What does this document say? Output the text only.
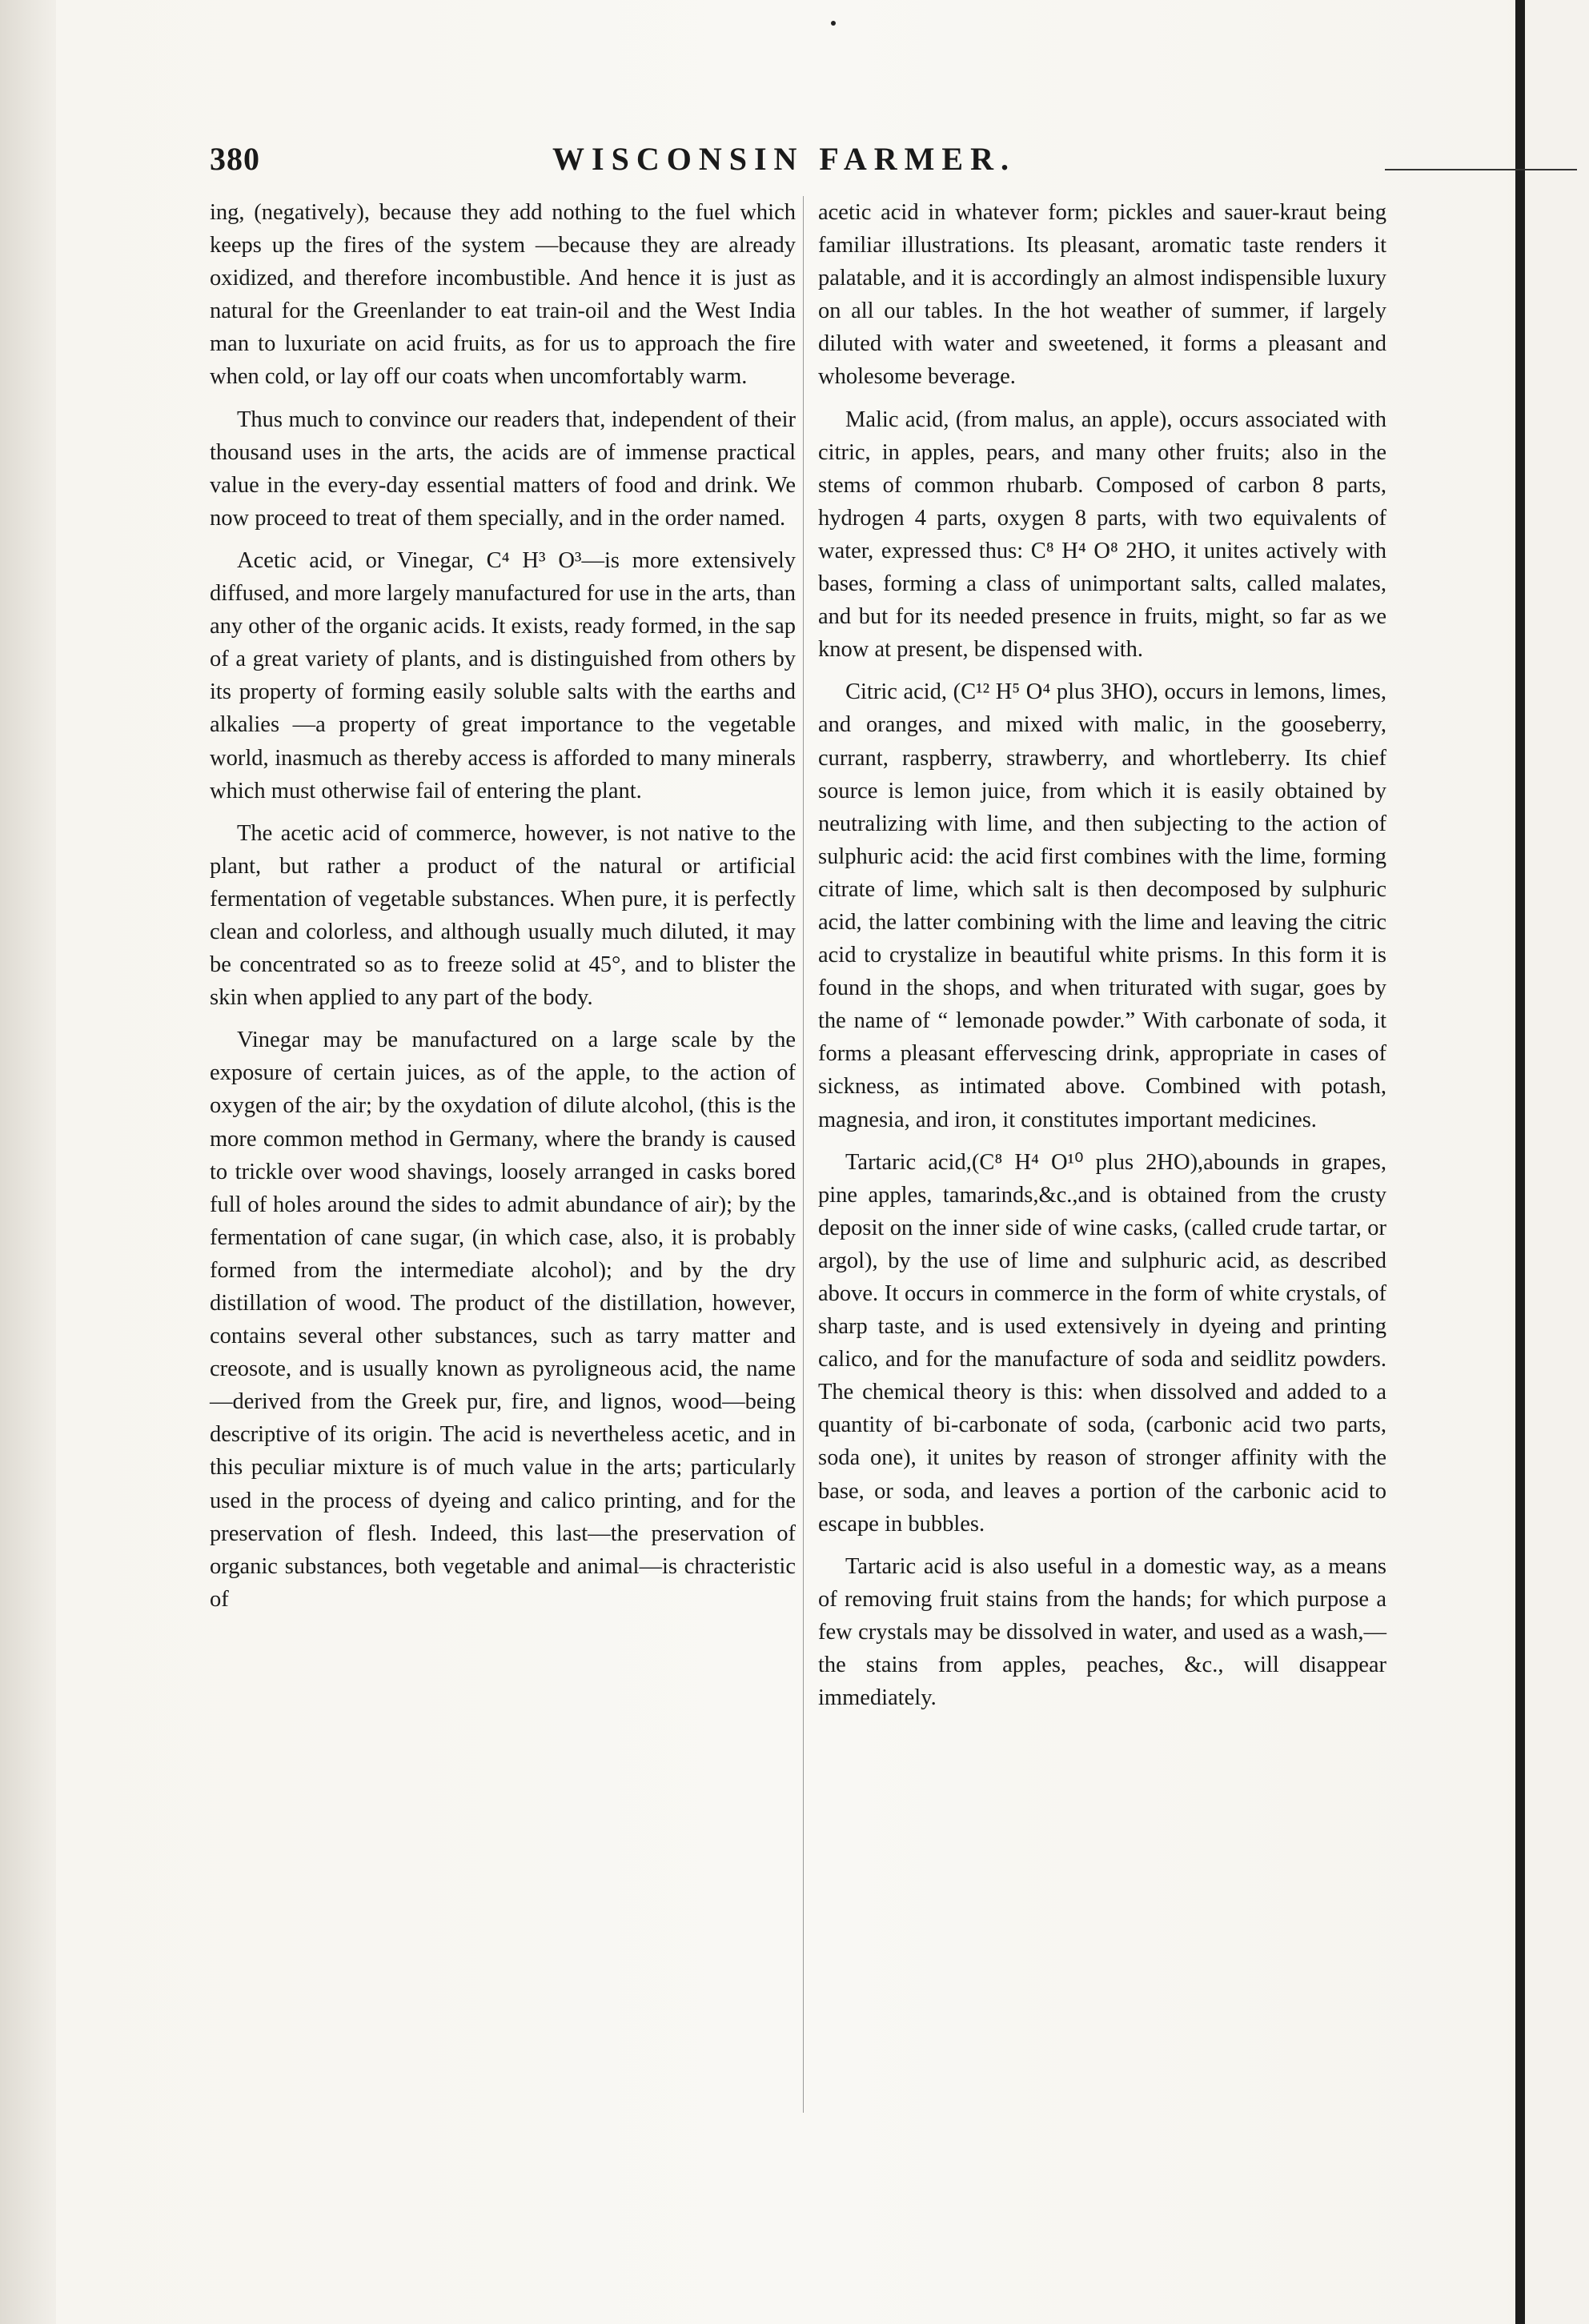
380	WISCONSIN FARMER.

ing, (negatively), because they add nothing to the fuel which keeps up the fires of the system —because they are already oxidized, and therefore incombustible. And hence it is just as natural for the Greenlander to eat train-oil and the West India man to luxuriate on acid fruits, as for us to approach the fire when cold, or lay off our coats when uncomfortably warm.

Thus much to convince our readers that, independent of their thousand uses in the arts, the acids are of immense practical value in the every-day essential matters of food and drink. We now proceed to treat of them specially, and in the order named.

Acetic acid, or Vinegar, C⁴ H³ O³—is more extensively diffused, and more largely manufactured for use in the arts, than any other of the organic acids. It exists, ready formed, in the sap of a great variety of plants, and is distinguished from others by its property of forming easily soluble salts with the earths and alkalies —a property of great importance to the vegetable world, inasmuch as thereby access is afforded to many minerals which must otherwise fail of entering the plant.

The acetic acid of commerce, however, is not native to the plant, but rather a product of the natural or artificial fermentation of vegetable substances. When pure, it is perfectly clean and colorless, and although usually much diluted, it may be concentrated so as to freeze solid at 45°, and to blister the skin when applied to any part of the body.

Vinegar may be manufactured on a large scale by the exposure of certain juices, as of the apple, to the action of oxygen of the air; by the oxydation of dilute alcohol, (this is the more common method in Germany, where the brandy is caused to trickle over wood shavings, loosely arranged in casks bored full of holes around the sides to admit abundance of air); by the fermentation of cane sugar, (in which case, also, it is probably formed from the intermediate alcohol); and by the dry distillation of wood. The product of the distillation, however, contains several other substances, such as tarry matter and creosote, and is usually known as pyroligneous acid, the name—derived from the Greek pur, fire, and lignos, wood—being descriptive of its origin. The acid is nevertheless acetic, and in this peculiar mixture is of much value in the arts; particularly used in the process of dyeing and calico printing, and for the preservation of flesh. Indeed, this last—the preservation of organic substances, both vegetable and animal—is chracteristic of

acetic acid in whatever form; pickles and sauer-kraut being familiar illustrations. Its pleasant, aromatic taste renders it palatable, and it is accordingly an almost indispensible luxury on all our tables. In the hot weather of summer, if largely diluted with water and sweetened, it forms a pleasant and wholesome beverage.

Malic acid, (from malus, an apple), occurs associated with citric, in apples, pears, and many other fruits; also in the stems of common rhubarb. Composed of carbon 8 parts, hydrogen 4 parts, oxygen 8 parts, with two equivalents of water, expressed thus: C⁸ H⁴ O⁸ 2HO, it unites actively with bases, forming a class of unimportant salts, called malates, and but for its needed presence in fruits, might, so far as we know at present, be dispensed with.

Citric acid, (C¹² H⁵ O⁴ plus 3HO), occurs in lemons, limes, and oranges, and mixed with malic, in the gooseberry, currant, raspberry, strawberry, and whortleberry. Its chief source is lemon juice, from which it is easily obtained by neutralizing with lime, and then subjecting to the action of sulphuric acid: the acid first combines with the lime, forming citrate of lime, which salt is then decomposed by sulphuric acid, the latter combining with the lime and leaving the citric acid to crystalize in beautiful white prisms. In this form it is found in the shops, and when triturated with sugar, goes by the name of “ lemonade powder.” With carbonate of soda, it forms a pleasant effervescing drink, appropriate in cases of sickness, as intimated above. Combined with potash, magnesia, and iron, it constitutes important medicines.

Tartaric acid,(C⁸ H⁴ O¹⁰ plus 2HO),abounds in grapes, pine apples, tamarinds,&c.,and is obtained from the crusty deposit on the inner side of wine casks, (called crude tartar, or argol), by the use of lime and sulphuric acid, as described above. It occurs in commerce in the form of white crystals, of sharp taste, and is used extensively in dyeing and printing calico, and for the manufacture of soda and seidlitz powders. The chemical theory is this: when dissolved and added to a quantity of bi-carbonate of soda, (carbonic acid two parts, soda one), it unites by reason of stronger affinity with the base, or soda, and leaves a portion of the carbonic acid to escape in bubbles.

Tartaric acid is also useful in a domestic way, as a means of removing fruit stains from the hands; for which purpose a few crystals may be dissolved in water, and used as a wash,—the stains from apples, peaches, &c., will disappear immediately.
